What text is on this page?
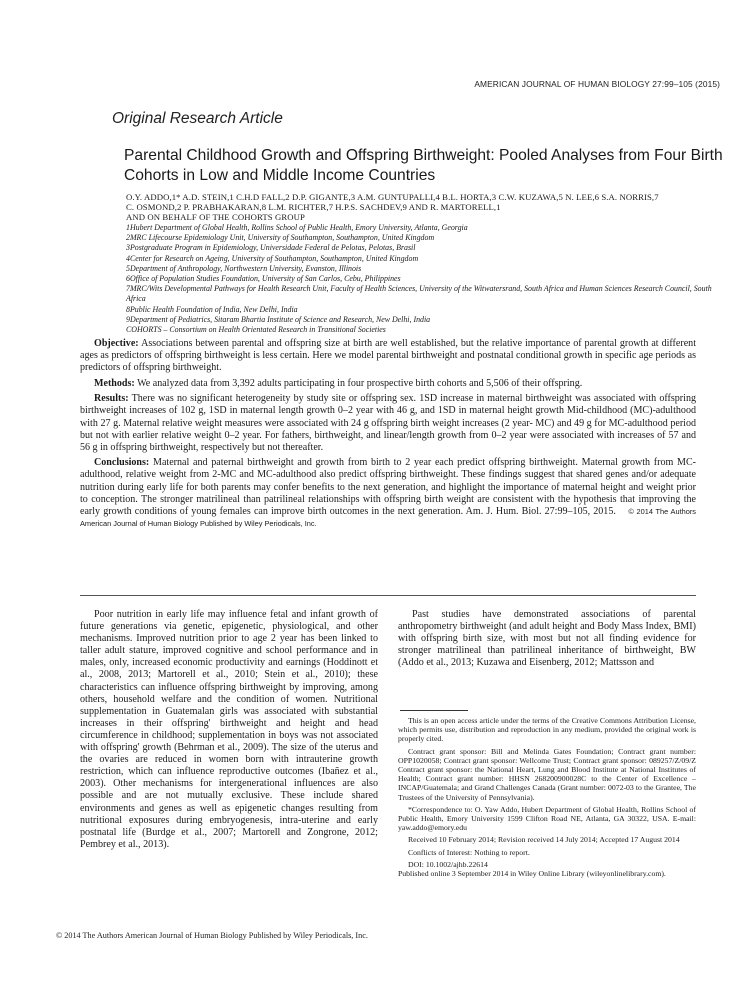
AMERICAN JOURNAL OF HUMAN BIOLOGY 27:99–105 (2015)
Original Research Article
Parental Childhood Growth and Offspring Birthweight: Pooled Analyses from Four Birth Cohorts in Low and Middle Income Countries
O.Y. ADDO,1* A.D. STEIN,1 C.H.D FALL,2 D.P. GIGANTE,3 A.M. GUNTUPALLI,4 B.L. HORTA,3 C.W. KUZAWA,5 N. LEE,6 S.A. NORRIS,7
C. OSMOND,2 P. PRABHAKARAN,8 L.M. RICHTER,7 H.P.S. SACHDEV,9 AND R. MARTORELL,1
AND ON BEHALF OF THE COHORTS GROUP
1Hubert Department of Global Health, Rollins School of Public Health, Emory University, Atlanta, Georgia
2MRC Lifecourse Epidemiology Unit, University of Southampton, Southampton, United Kingdom
3Postgraduate Program in Epidemiology, Universidade Federal de Pelotas, Pelotas, Brasil
4Center for Research on Ageing, University of Southampton, Southampton, United Kingdom
5Department of Anthropology, Northwestern University, Evanston, Illinois
6Office of Population Studies Foundation, University of San Carlos, Cebu, Philippines
7MRC/Wits Developmental Pathways for Health Research Unit, Faculty of Health Sciences, University of the Witwatersrand, South Africa and Human Sciences Research Council, South Africa
8Public Health Foundation of India, New Delhi, India
9Department of Pediatrics, Sitaram Bhartia Institute of Science and Research, New Delhi, India
COHORTS – Consortium on Health Orientated Research in Transitional Societies

Objective: Associations between parental and offspring size at birth are well established, but the relative importance of parental growth at different ages as predictors of offspring birthweight is less certain. Here we model parental birthweight and postnatal conditional growth in specific age periods as predictors of offspring birthweight.

Methods: We analyzed data from 3,392 adults participating in four prospective birth cohorts and 5,506 of their offspring.

Results: There was no significant heterogeneity by study site or offspring sex. 1SD increase in maternal birthweight was associated with offspring birthweight increases of 102 g, 1SD in maternal length growth 0–2 year with 46 g, and 1SD in maternal height growth Mid-childhood (MC)-adulthood with 27 g. Maternal relative weight measures were associated with 24 g offspring birth weight increases (2 year- MC) and 49 g for MC-adulthood period but not with earlier relative weight 0–2 year. For fathers, birthweight, and linear/length growth from 0–2 year were associated with increases of 57 and 56 g in offspring birthweight, respectively but not thereafter.

Conclusions: Maternal and paternal birthweight and growth from birth to 2 year each predict offspring birthweight. Maternal growth from MC-adulthood, relative weight from 2-MC and MC-adulthood also predict offspring birthweight. These findings suggest that shared genes and/or adequate nutrition during early life for both parents may confer benefits to the next generation, and highlight the importance of maternal height and weight prior to conception. The stronger matrilineal than patrilineal relationships with offspring birth weight are consistent with the hypothesis that improving the early growth conditions of young females can improve birth outcomes in the next generation. Am. J. Hum. Biol. 27:99–105, 2015. © 2014 The Authors American Journal of Human Biology Published by Wiley Periodicals, Inc.

Poor nutrition in early life may influence fetal and infant growth of future generations via genetic, epigenetic, physiological, and other mechanisms. Improved nutrition prior to age 2 year has been linked to taller adult stature, improved cognitive and school performance and in males, only, increased economic productivity and earnings (Hoddinott et al., 2008, 2013; Martorell et al., 2010; Stein et al., 2010); these characteristics can influence offspring birthweight by improving, among others, household welfare and the condition of women. Nutritional supplementation in Guatemalan girls was associated with substantial increases in their offspring' birthweight and height and head circumference in childhood; supplementation in boys was not associated with offspring' growth (Behrman et al., 2009). The size of the uterus and the ovaries are reduced in women born with intrauterine growth restriction, which can influence reproductive outcomes (Ibañez et al., 2003). Other mechanisms for intergenerational influences are also possible and are not mutually exclusive. These include shared environments and genes as well as epigenetic changes resulting from nutritional exposures during embryogenesis, intra-uterine and early postnatal life (Burdge et al., 2007; Martorell and Zongrone, 2012; Pembrey et al., 2013).

Past studies have demonstrated associations of parental anthropometry birthweight (and adult height and Body Mass Index, BMI) with offspring birth size, with most but not all finding evidence for stronger matrilineal than patrilineal inheritance of birthweight, BW (Addo et al., 2013; Kuzawa and Eisenberg, 2012; Mattsson and

This is an open access article under the terms of the Creative Commons Attribution License, which permits use, distribution and reproduction in any medium, provided the original work is properly cited.

Contract grant sponsor: Bill and Melinda Gates Foundation; Contract grant number: OPP1020058; Contract grant sponsor: Wellcome Trust; Contract grant sponsor: 089257/Z/09/Z Contract grant sponsor: the National Heart, Lung and Blood Institute at National Institutes of Health; Contract grant number: HHSN 268200900028C to the Center of Excellence – INCAP/Guatemala; and Grand Challenges Canada (Grant number: 0072-03 to the Grantee, The Trustees of the University of Pennsylvania).

*Correspondence to: O. Yaw Addo, Hubert Department of Global Health, Rollins School of Public Health, Emory University 1599 Clifton Road NE, Atlanta, GA 30322, USA. E-mail: yaw.addo@emory.edu

Received 10 February 2014; Revision received 14 July 2014; Accepted 17 August 2014

Conflicts of Interest: Nothing to report.

DOI: 10.1002/ajhb.22614

Published online 3 September 2014 in Wiley Online Library (wileyonlinelibrary.com).

© 2014 The Authors American Journal of Human Biology Published by Wiley Periodicals, Inc.
